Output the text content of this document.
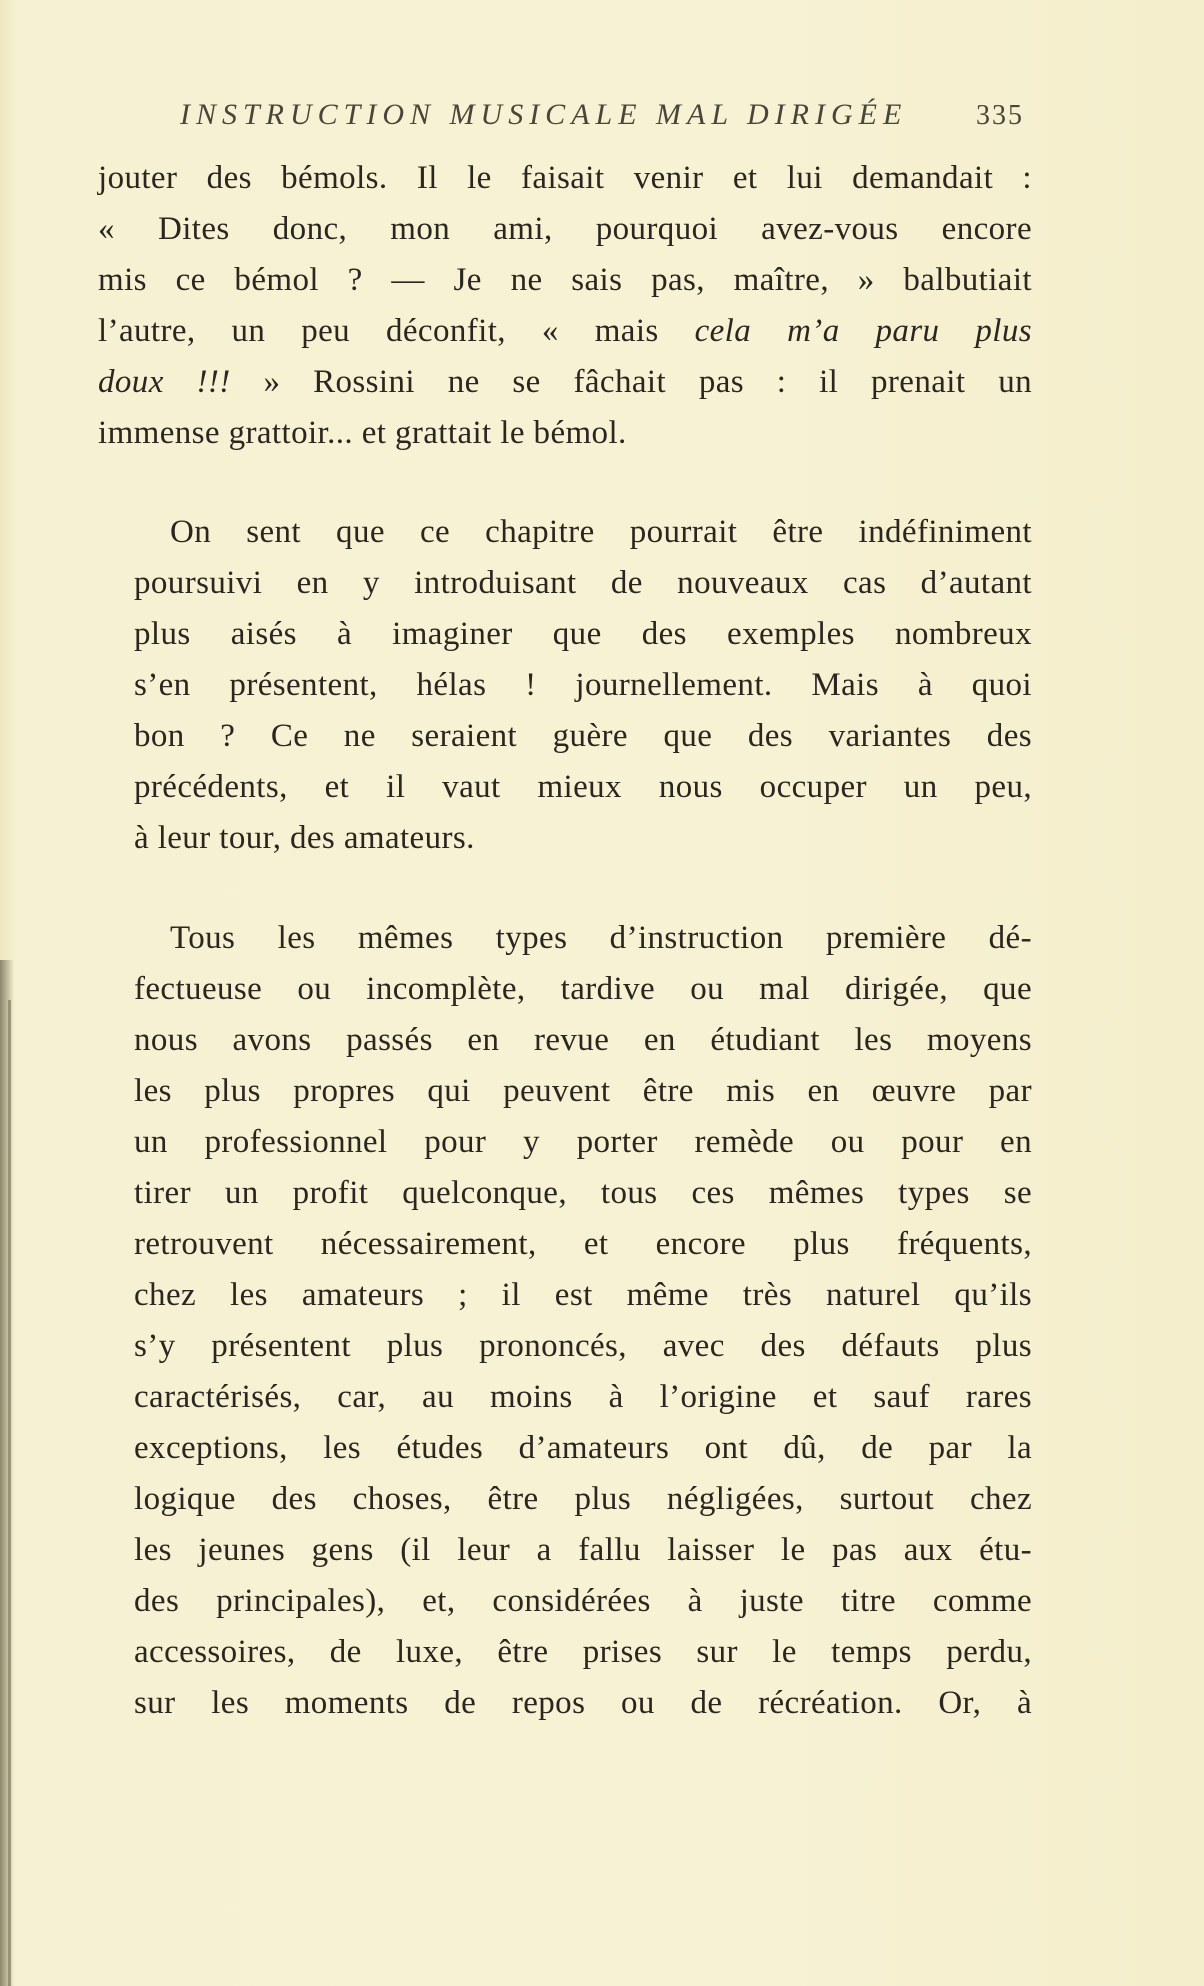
INSTRUCTION MUSICALE MAL DIRIGÉE	335
jouter des bémols. Il le faisait venir et lui demandait :
« Dites donc, mon ami, pourquoi avez-vous encore
mis ce bémol ? — Je ne sais pas, maître, » balbutiait
l’autre, un peu déconfit, « mais cela m’a paru plus
doux !!! » Rossini ne se fâchait pas : il prenait un
immense grattoir... et grattait le bémol.
On sent que ce chapitre pourrait être indéfiniment
poursuivi en y introduisant de nouveaux cas d’autant
plus aisés à imaginer que des exemples nombreux
s’en présentent, hélas ! journellement. Mais à quoi
bon ? Ce ne seraient guère que des variantes des
précédents, et il vaut mieux nous occuper un peu,
à leur tour, des amateurs.
Tous les mêmes types d’instruction première dé-
fectueuse ou incomplète, tardive ou mal dirigée, que
nous avons passés en revue en étudiant les moyens
les plus propres qui peuvent être mis en œuvre par
un professionnel pour y porter remède ou pour en
tirer un profit quelconque, tous ces mêmes types se
retrouvent nécessairement, et encore plus fréquents,
chez les amateurs ; il est même très naturel qu’ils
s’y présentent plus prononcés, avec des défauts plus
caractérisés, car, au moins à l’origine et sauf rares
exceptions, les études d’amateurs ont dû, de par la
logique des choses, être plus négligées, surtout chez
les jeunes gens (il leur a fallu laisser le pas aux étu-
des principales), et, considérées à juste titre comme
accessoires, de luxe, être prises sur le temps perdu,
sur les moments de repos ou de récréation. Or, à
